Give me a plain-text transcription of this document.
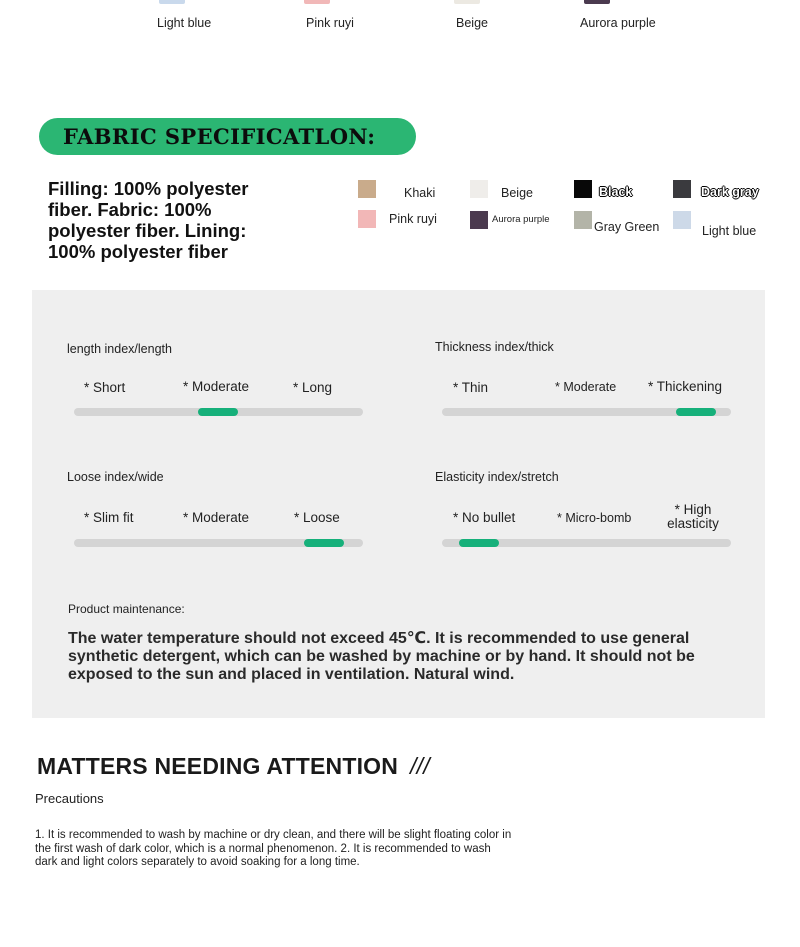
Light blue	Pink ruyi	Beige	Aurora purple
FABRIC SPECIFICATLON:
Filling: 100% polyester fiber. Fabric: 100% polyester fiber. Lining: 100% polyester fiber
Khaki	Beige	Black	Dark gray
Pink ruyi	Aurora purple
Gray Green	Light blue
length index/length
* Short	* Moderate	* Long
Thickness index/thick
* Thin	* Moderate * Thickening
Loose index/wide
* Slim fit	* Moderate	* Loose
Elasticity index/stretch
* No bullet	* Micro-bomb
* High elasticity
Product maintenance:
The water temperature should not exceed 45℃. It is recommended to use general synthetic detergent, which can be washed by machine or by hand. It should not be exposed to the sun and placed in ventilation. Natural wind.
MATTERS NEEDING ATTENTION ///
Precautions
1. It is recommended to wash by machine or dry clean, and there will be slight floating color in the first wash of dark color, which is a normal phenomenon. 2. It is recommended to wash dark and light colors separately to avoid soaking for a long time.
